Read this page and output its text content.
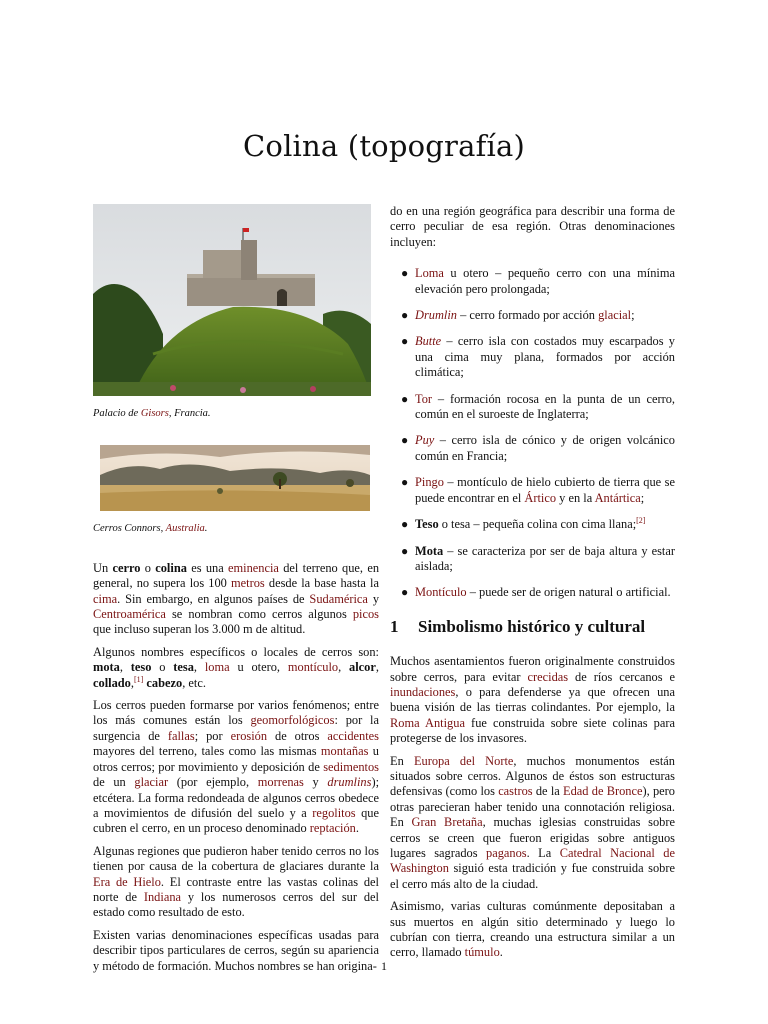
Colina (topografía)
Palacio de Gisors, Francia.
Cerros Connors, Australia.

Un cerro o colina es una eminencia del terreno que, en general, no supera los 100 metros desde la base hasta la cima. Sin embargo, en algunos países de Sudamérica y Centroamérica se nombran como cerros algunos picos que incluso superan los 3.000 m de altitud.

Algunos nombres específicos o locales de cerros son: mota, teso o tesa, loma u otero, montículo, alcor, collado,[1] cabezo, etc.

Los cerros pueden formarse por varios fenómenos; entre los más comunes están los geomorfológicos: por la surgencia de fallas; por erosión de otros accidentes mayores del terreno, tales como las mismas montañas u otros cerros; por movimiento y deposición de sedimentos de un glaciar (por ejemplo, morrenas y drumlins); etcétera. La forma redondeada de algunos cerros obedece a movimientos de difusión del suelo y a regolitos que cubren el cerro, en un proceso denominado reptación.

Algunas regiones que pudieron haber tenido cerros no los tienen por causa de la cobertura de glaciares durante la Era de Hielo. El contraste entre las vastas colinas del norte de Indiana y los numerosos cerros del sur del estado como resultado de esto.

Existen varias denominaciones específicas usadas para describir tipos particulares de cerros, según su apariencia y método de formación. Muchos nombres se han origina-

do en una región geográfica para describir una forma de cerro peculiar de esa región. Otras denominaciones incluyen:

● Loma u otero – pequeño cerro con una mínima elevación pero prolongada;
● Drumlin – cerro formado por acción glacial;
● Butte – cerro isla con costados muy escarpados y una cima muy plana, formados por acción climática;
● Tor – formación rocosa en la punta de un cerro, común en el suroeste de Inglaterra;
● Puy – cerro isla de cónico y de origen volcánico común en Francia;
● Pingo – montículo de hielo cubierto de tierra que se puede encontrar en el Ártico y en la Antártica;
● Teso o tesa – pequeña colina con cima llana;[2]
● Mota – se caracteriza por ser de baja altura y estar aislada;
● Montículo – puede ser de origen natural o artificial.
1	Simbolismo histórico y cultural

Muchos asentamientos fueron originalmente construidos sobre cerros, para evitar crecidas de ríos cercanos e inundaciones, o para defenderse ya que ofrecen una buena visión de las tierras colindantes. Por ejemplo, la Roma Antigua fue construida sobre siete colinas para protegerse de los invasores.

En Europa del Norte, muchos monumentos están situados sobre cerros. Algunos de éstos son estructuras defensivas (como los castros de la Edad de Bronce), pero otras parecieran haber tenido una connotación religiosa. En Gran Bretaña, muchas iglesias construidas sobre cerros se creen que fueron erigidas sobre antiguos lugares sagrados paganos. La Catedral Nacional de Washington siguió esta tradición y fue construida sobre el cerro más alto de la ciudad.

Asimismo, varias culturas comúnmente depositaban a sus muertos en algún sitio determinado y luego lo cubrían con tierra, creando una estructura similar a un cerro, llamado túmulo.

1
